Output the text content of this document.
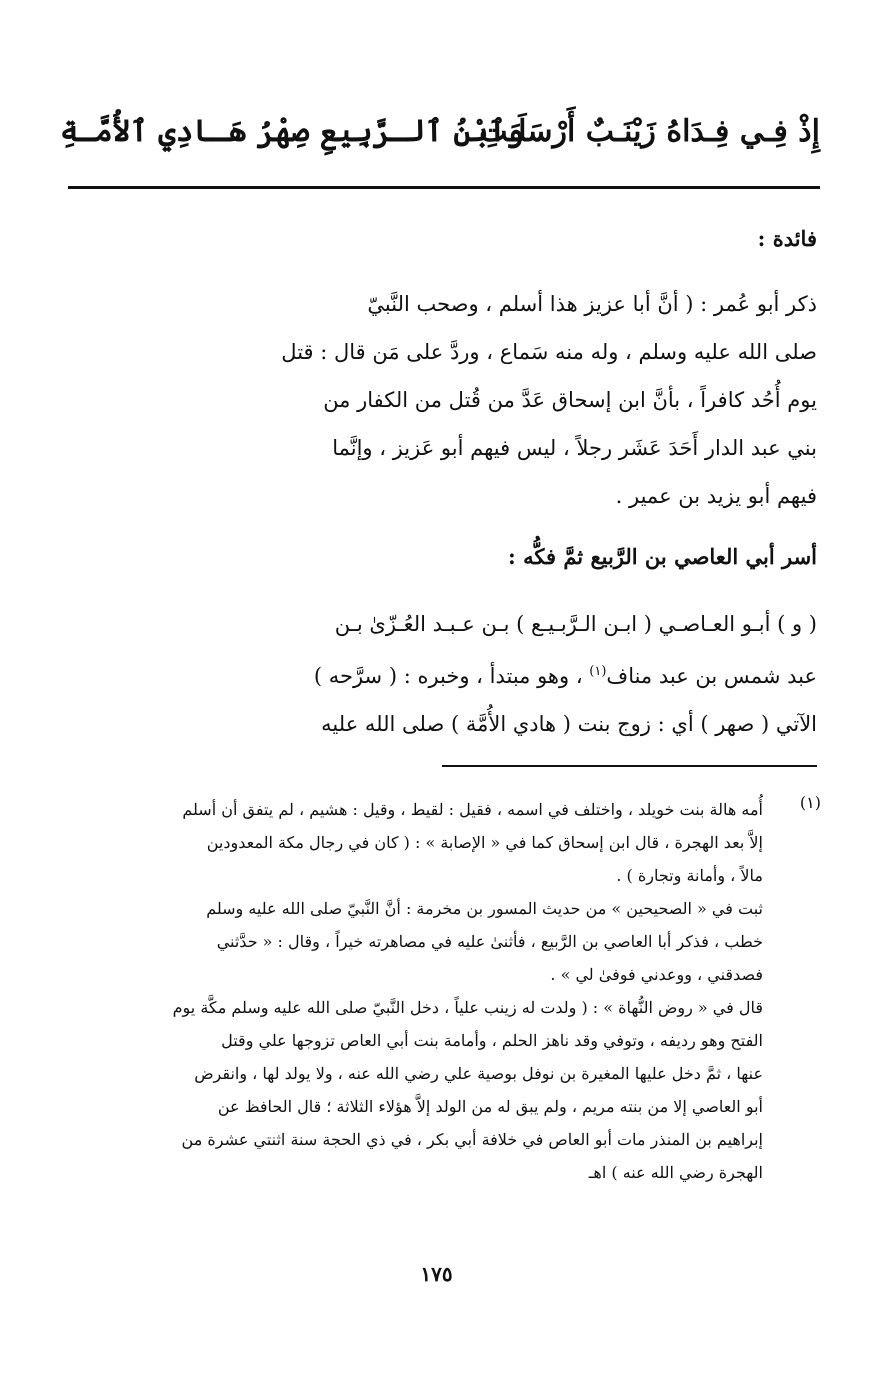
إِذْ فِـي فِـدَاهُ زَيْنَـبٌ أَرْسَلَـتِ
وَٱبْنُ ٱلـرَّبِيعِ صِهْرُ هَـادِي ٱلأُمَّـةِ
فائدة :
ذكر أبو عُمر : ( أنَّ أبا عزيز هذا أسلم ، وصحب النَّبيّ
صلى الله عليه وسلم ، وله منه سَماع ، وردَّ على مَن قال : قتل
يوم أُحُد كافراً ، بأنَّ ابن إسحاق عَدَّ من قُتل من الكفار من
بني عبد الدار أَحَدَ عَشَر رجلاً ، ليس فيهم أبو عَزيز ، وإنَّما
فيهم أبو يزيد بن عمير .
أسر أبي العاصي بن الرَّبيع ثمَّ فكُّه :
( و ) أبـو العـاصـي ( ابـن الـرَّبـيـع ) بـن عـبـد العُـزّىٰ بـن
عبد شمس بن عبد مناف$^{(١)}$ ، وهو مبتدأ ، وخبره : ( سرَّحه )
الآتي ( صهر ) أي : زوج بنت ( هادي الأُمَّة ) صلى الله عليه
(١)
أُمه هالة بنت خويلد ، واختلف في اسمه ، فقيل : لقيط ، وقيل : هشيم ، لم يتفق أن أسلم
إلاَّ بعد الهجرة ، قال ابن إسحاق كما في « الإصابة » : ( كان في رجال مكة المعدودين
مالاً ، وأمانة وتجارة ) .
ثبت في « الصحيحين » من حديث المسور بن مخرمة : أنَّ النَّبيّ صلى الله عليه وسلم
خطب ، فذكر أبا العاصي بن الرَّبيع ، فأثنىٰ عليه في مصاهرته خيراً ، وقال : « حدَّثني
فصدقني ، ووعدني فوفىٰ لي » .
قال في « روض النُّهاة » : ( ولدت له زينب علياً ، دخل النَّبيّ صلى الله عليه وسلم مكَّة يوم
الفتح وهو رديفه ، وتوفي وقد ناهز الحلم ، وأمامة بنت أبي العاص تزوجها علي وقتل
عنها ، ثمَّ دخل عليها المغيرة بن نوفل بوصية علي رضي الله عنه ، ولا يولد لها ، وانقرض
أبو العاصي إلا من بنته مريم ، ولم يبق له من الولد إلاَّ هؤلاء الثلاثة ؛ قال الحافظ عن
إبراهيم بن المنذر مات أبو العاص في خلافة أبي بكر ، في ذي الحجة سنة اثنتي عشرة من
الهجرة رضي الله عنه ) اهـ
١٧٥
